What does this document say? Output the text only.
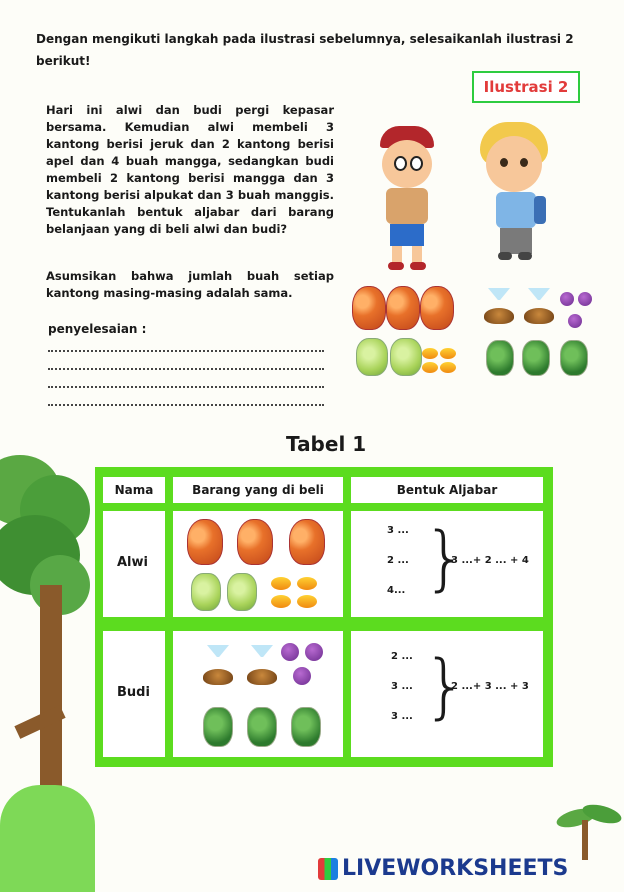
Dengan mengikuti langkah pada ilustrasi sebelumnya, selesaikanlah ilustrasi 2 berikut!
Ilustrasi 2
Hari ini alwi dan budi pergi kepasar bersama. Kemudian alwi membeli 3 kantong berisi jeruk dan 2 kantong berisi apel dan 4 buah mangga, sedangkan budi membeli 2 kantong berisi mangga dan 3 kantong berisi alpukat dan 3 buah manggis. Tentukanlah bentuk aljabar dari barang belanjaan yang di beli alwi dan budi?
Asumsikan bahwa jumlah buah setiap kantong masing-masing adalah sama.
penyelesaian :
Tabel 1
Nama	Barang yang di beli	Bentuk Aljabar
Alwi
3 ...
2 ...
4... }
3 ...+ 2 ... + 4
Budi
2 ...
3 ...
3 ... }
2 ...+ 3 ... + 3
LIVEWORKSHEETS
